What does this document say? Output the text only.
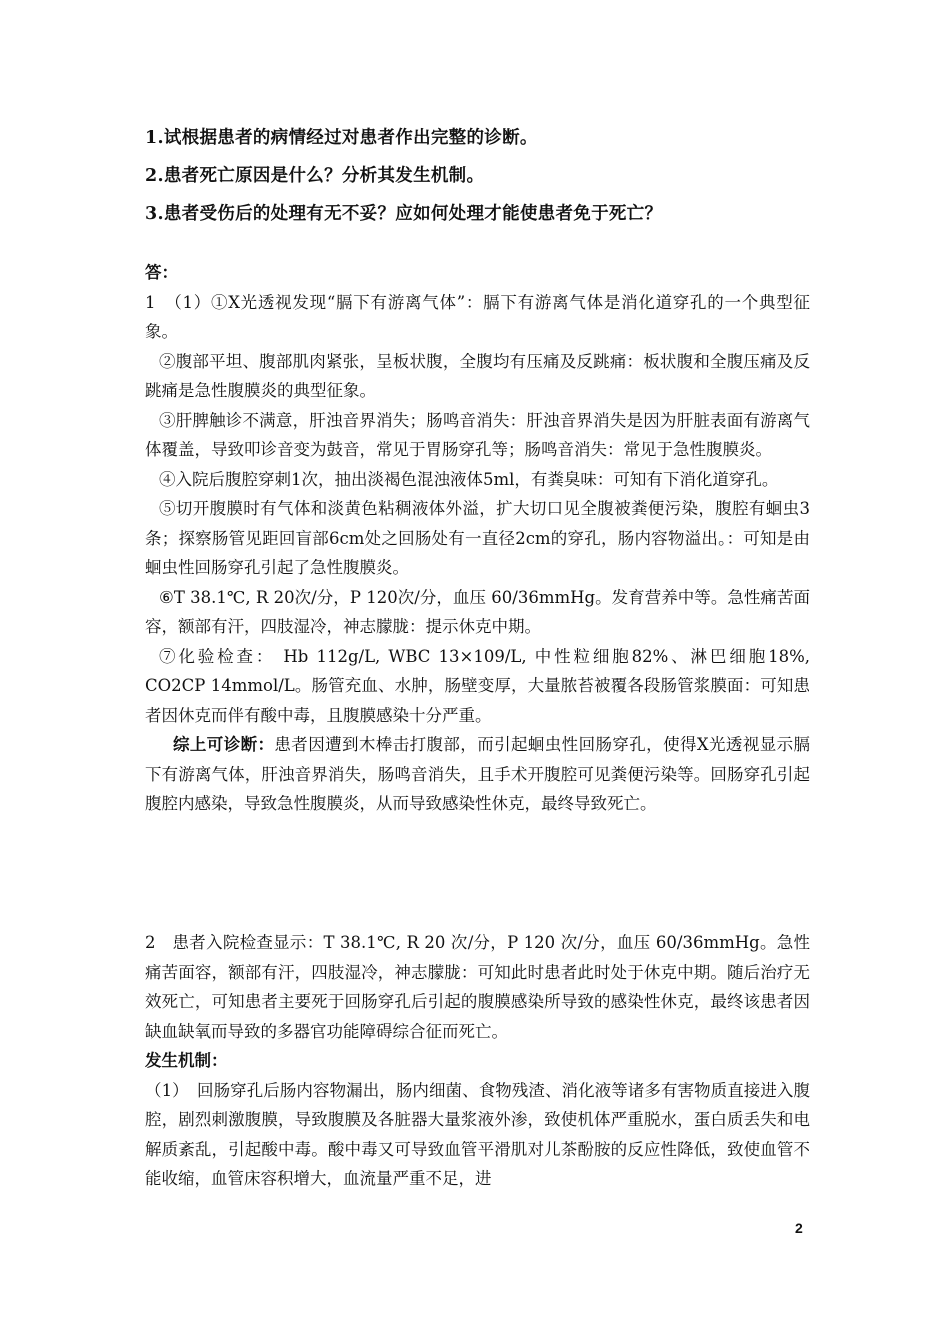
1.试根据患者的病情经过对患者作出完整的诊断。
2.患者死亡原因是什么？分析其发生机制。
3.患者受伤后的处理有无不妥？应如何处理才能使患者免于死亡？

答：

1　（1）①X光透视发现“膈下有游离气体”：膈下有游离气体是消化道穿孔的一个典型征象。

②腹部平坦、腹部肌肉紧张，呈板状腹，全腹均有压痛及反跳痛：板状腹和全腹压痛及反跳痛是急性腹膜炎的典型征象。

③肝脾触诊不满意，肝浊音界消失；肠鸣音消失：肝浊音界消失是因为肝脏表面有游离气体覆盖，导致叩诊音变为鼓音，常见于胃肠穿孔等；肠鸣音消失：常见于急性腹膜炎。

④入院后腹腔穿刺1次，抽出淡褐色混浊液体5ml，有粪臭味：可知有下消化道穿孔。

⑤切开腹膜时有气体和淡黄色粘稠液体外溢，扩大切口见全腹被粪便污染，腹腔有蛔虫3条；探察肠管见距回盲部6cm处之回肠处有一直径2cm的穿孔，肠内容物溢出。：可知是由蛔虫性回肠穿孔引起了急性腹膜炎。

⑥T 38.1℃, R 20次/分，P 120次/分，血压 60/36mmHg。发育营养中等。急性痛苦面容，额部有汗，四肢湿冷，神志朦胧：提示休克中期。

⑦化验检查： Hb 112g/L, WBC 13×109/L, 中性粒细胞82%、淋巴细胞18%, CO2CP 14mmol/L。肠管充血、水肿，肠壁变厚，大量脓苔被覆各段肠管浆膜面：可知患者因休克而伴有酸中毒，且腹膜感染十分严重。

综上可诊断：患者因遭到木棒击打腹部，而引起蛔虫性回肠穿孔，使得X光透视显示膈下有游离气体，肝浊音界消失，肠鸣音消失，且手术开腹腔可见粪便污染等。回肠穿孔引起腹腔内感染，导致急性腹膜炎，从而导致感染性休克，最终导致死亡。

2　患者入院检查显示：T 38.1℃, R 20 次/分，P 120 次/分，血压 60/36mmHg。急性痛苦面容，额部有汗，四肢湿冷，神志朦胧：可知此时患者此时处于休克中期。随后治疗无效死亡，可知患者主要死于回肠穿孔后引起的腹膜感染所导致的感染性休克，最终该患者因缺血缺氧而导致的多器官功能障碍综合征而死亡。

发生机制：

（1）　回肠穿孔后肠内容物漏出，肠内细菌、食物残渣、消化液等诸多有害物质直接进入腹腔，剧烈刺激腹膜，导致腹膜及各脏器大量浆液外渗，致使机体严重脱水，蛋白质丢失和电解质紊乱，引起酸中毒。酸中毒又可导致血管平滑肌对儿茶酚胺的反应性降低，致使血管不能收缩，血管床容积增大，血流量严重不足，进

2
